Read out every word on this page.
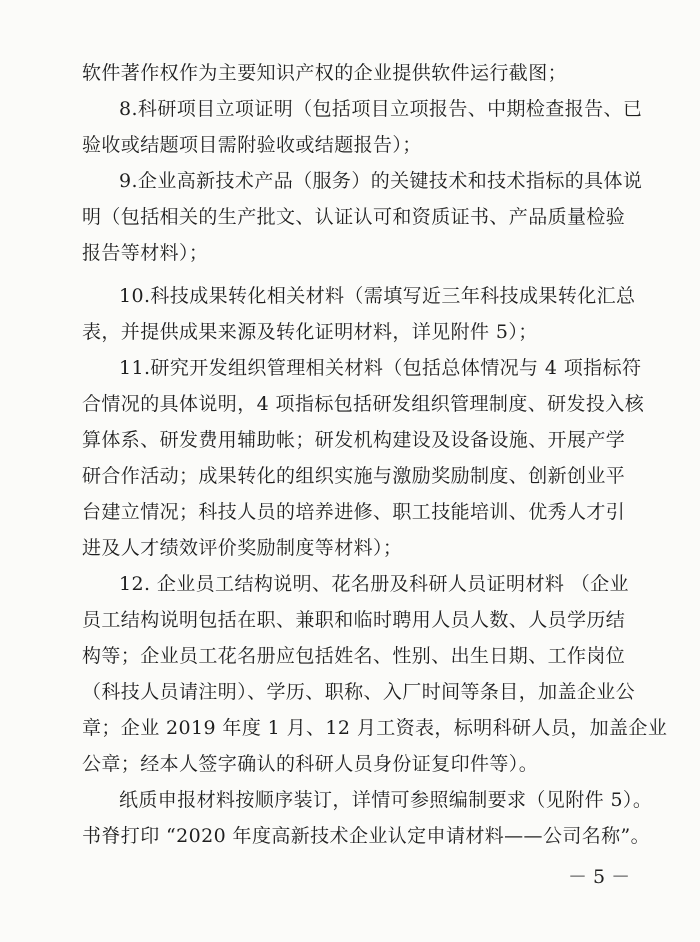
软件著作权作为主要知识产权的企业提供软件运行截图；
8.科研项目立项证明（包括项目立项报告、中期检查报告、已
验收或结题项目需附验收或结题报告）；
9.企业高新技术产品（服务）的关键技术和技术指标的具体说
明（包括相关的生产批文、认证认可和资质证书、产品质量检验
报告等材料）；
10.科技成果转化相关材料（需填写近三年科技成果转化汇总
表，并提供成果来源及转化证明材料，详见附件 5）；
11.研究开发组织管理相关材料（包括总体情况与 4 项指标符
合情况的具体说明，4 项指标包括研发组织管理制度、研发投入核
算体系、研发费用辅助帐；研发机构建设及设备设施、开展产学
研合作活动；成果转化的组织实施与激励奖励制度、创新创业平
台建立情况；科技人员的培养进修、职工技能培训、优秀人才引
进及人才绩效评价奖励制度等材料）；
12. 企业员工结构说明、花名册及科研人员证明材料 （企业
员工结构说明包括在职、兼职和临时聘用人员人数、人员学历结
构等；企业员工花名册应包括姓名、性别、出生日期、工作岗位
（科技人员请注明）、学历、职称、入厂时间等条目，加盖企业公
章；企业 2019 年度 1 月、12 月工资表，标明科研人员，加盖企业
公章；经本人签字确认的科研人员身份证复印件等）。
纸质申报材料按顺序装订，详情可参照编制要求（见附件 5）。
书脊打印 “2020 年度高新技术企业认定申请材料——公司名称”。
－ 5 －
